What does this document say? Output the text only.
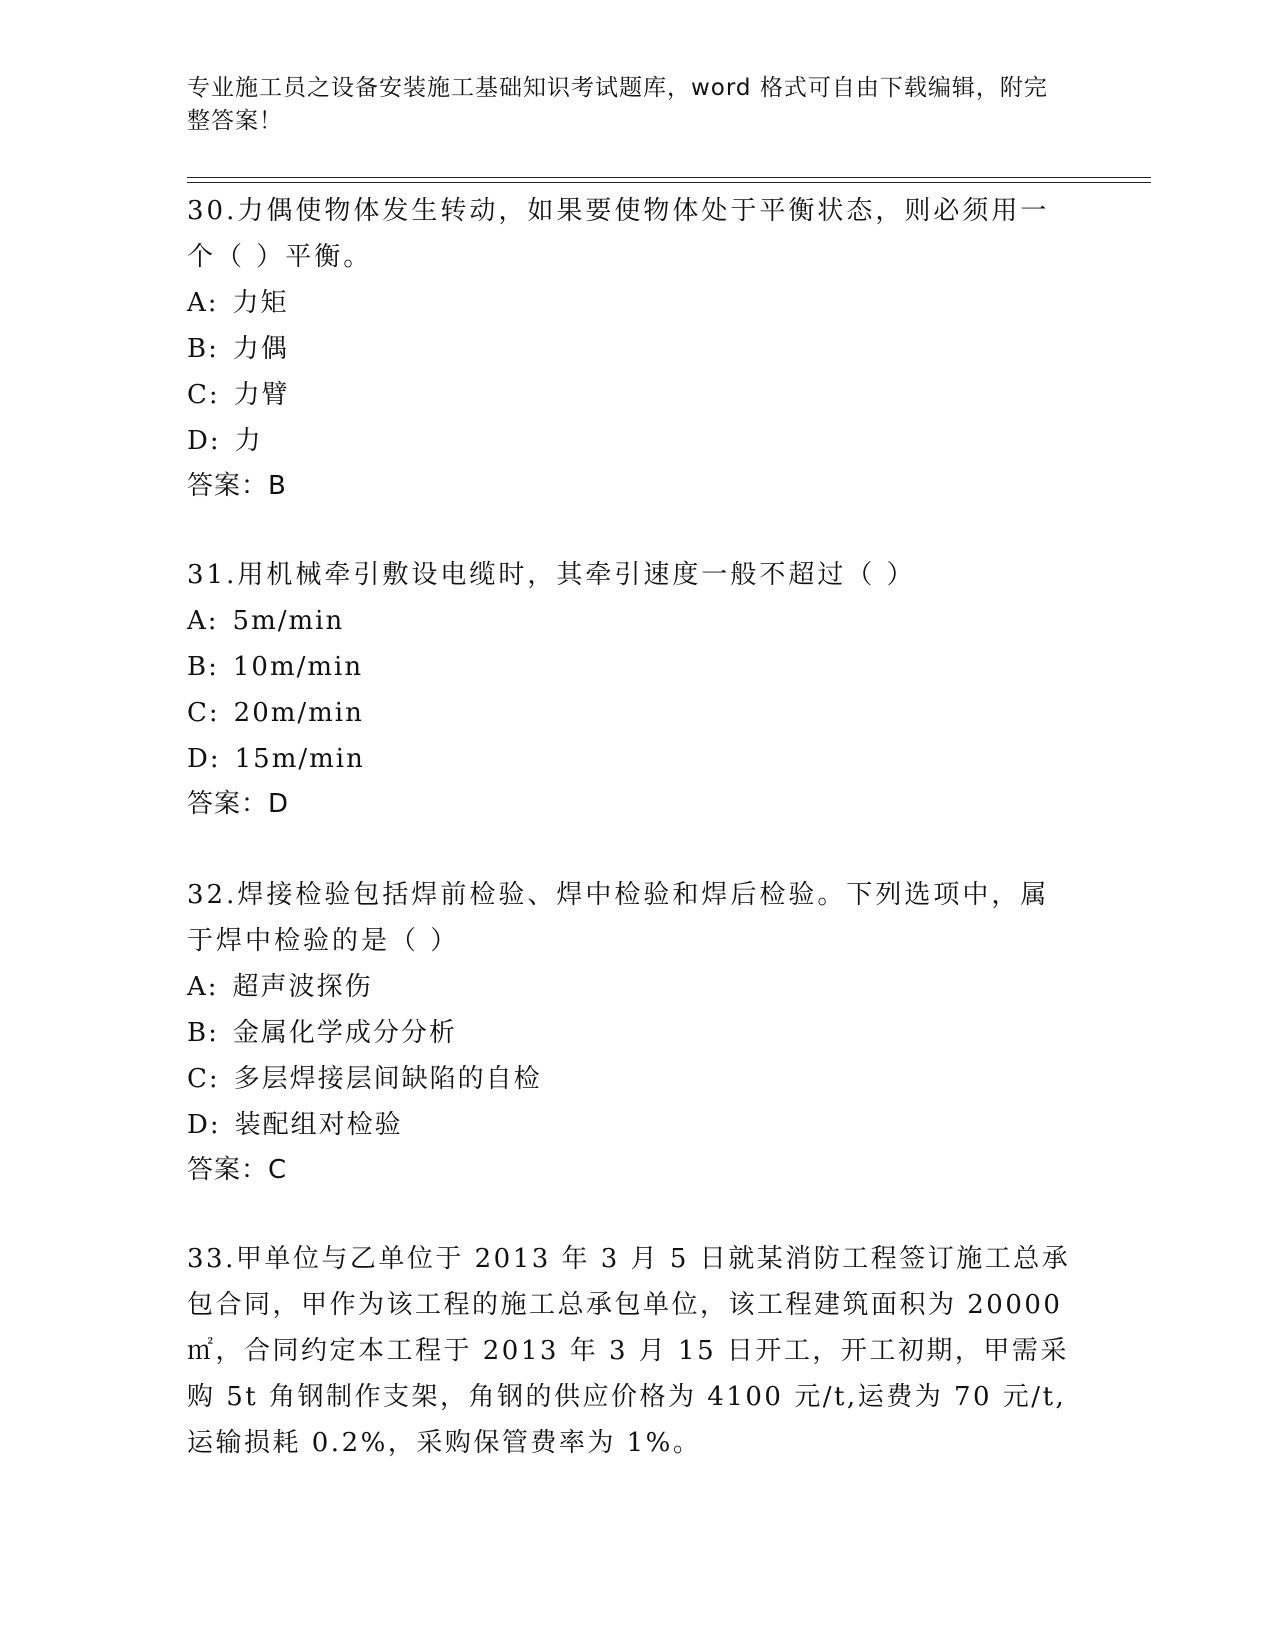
专业施工员之设备安装施工基础知识考试题库，word 格式可自由下载编辑，附完整答案！
30.力偶使物体发生转动，如果要使物体处于平衡状态，则必须用一个（ ）平衡。
A: 力矩
B: 力偶
C: 力臂
D: 力
答案：B
31.用机械牵引敷设电缆时，其牵引速度一般不超过（ ）
A: 5m/min
B: 10m/min
C: 20m/min
D: 15m/min
答案：D
32.焊接检验包括焊前检验、焊中检验和焊后检验。下列选项中，属于焊中检验的是（ ）
A: 超声波探伤
B: 金属化学成分分析
C: 多层焊接层间缺陷的自检
D: 装配组对检验
答案：C
33.甲单位与乙单位于 2013 年 3 月 5 日就某消防工程签订施工总承包合同，甲作为该工程的施工总承包单位，该工程建筑面积为 20000㎡，合同约定本工程于 2013 年 3 月 15 日开工，开工初期，甲需采购 5t 角钢制作支架，角钢的供应价格为 4100 元/t,运费为 70 元/t,运输损耗 0.2%，采购保管费率为 1%。
